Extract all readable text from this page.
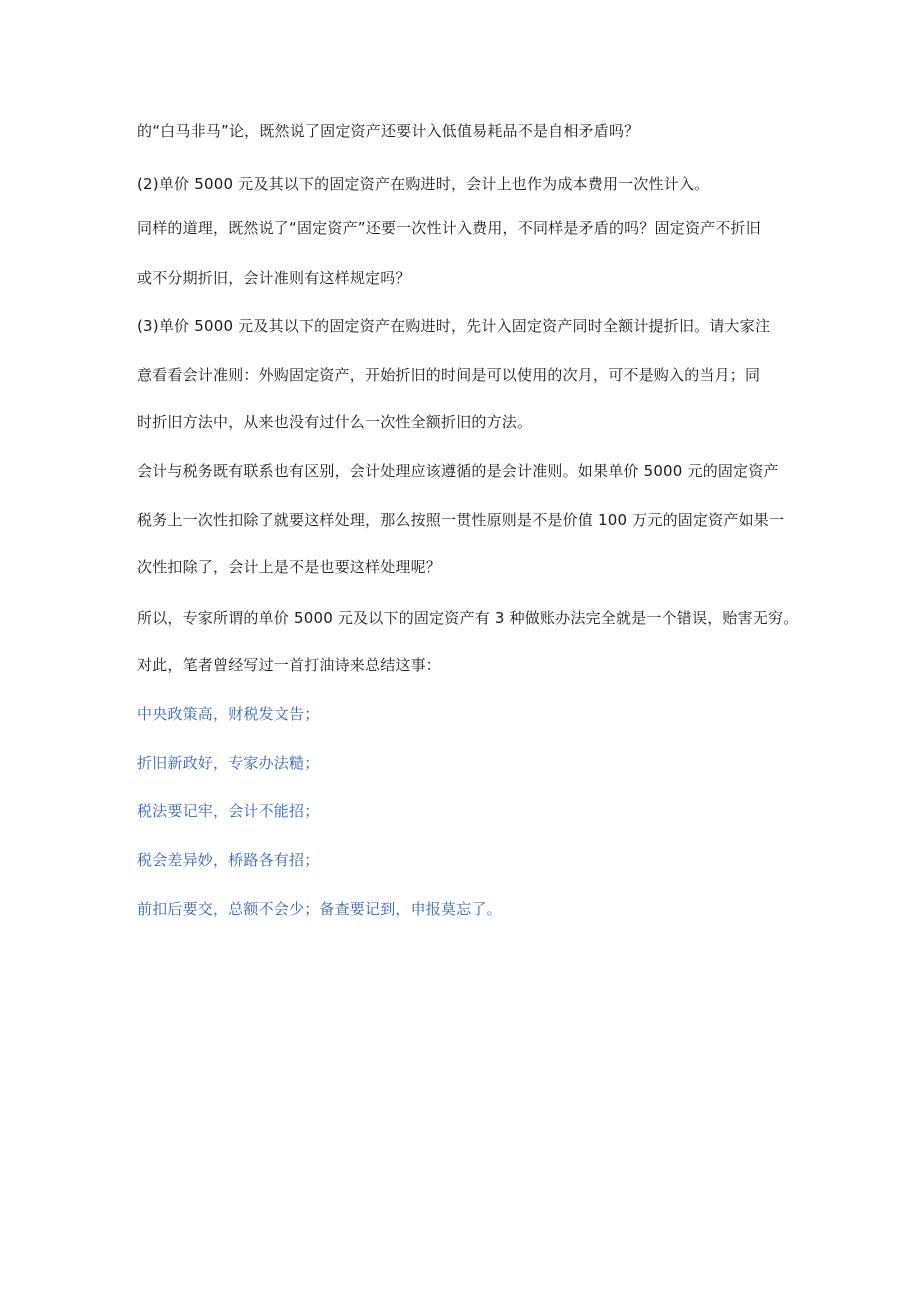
的“白马非马”论，既然说了固定资产还要计入低值易耗品不是自相矛盾吗？
(2)单价 5000 元及其以下的固定资产在购进时，会计上也作为成本费用一次性计入。
同样的道理，既然说了“固定资产”还要一次性计入费用，不同样是矛盾的吗？固定资产不折旧
或不分期折旧，会计准则有这样规定吗？
(3)单价 5000 元及其以下的固定资产在购进时，先计入固定资产同时全额计提折旧。请大家注
意看看会计准则：外购固定资产，开始折旧的时间是可以使用的次月，可不是购入的当月；同
时折旧方法中，从来也没有过什么一次性全额折旧的方法。
会计与税务既有联系也有区别，会计处理应该遵循的是会计准则。如果单价 5000 元的固定资产
税务上一次性扣除了就要这样处理，那么按照一贯性原则是不是价值 100 万元的固定资产如果一
次性扣除了，会计上是不是也要这样处理呢？
所以，专家所谓的单价 5000 元及以下的固定资产有 3 种做账办法完全就是一个错误，贻害无穷。
对此，笔者曾经写过一首打油诗来总结这事：
中央政策高，财税发文告；
折旧新政好，专家办法糙；
税法要记牢，会计不能招；
税会差异妙，桥路各有招；
前扣后要交，总额不会少；备查要记到，申报莫忘了。
